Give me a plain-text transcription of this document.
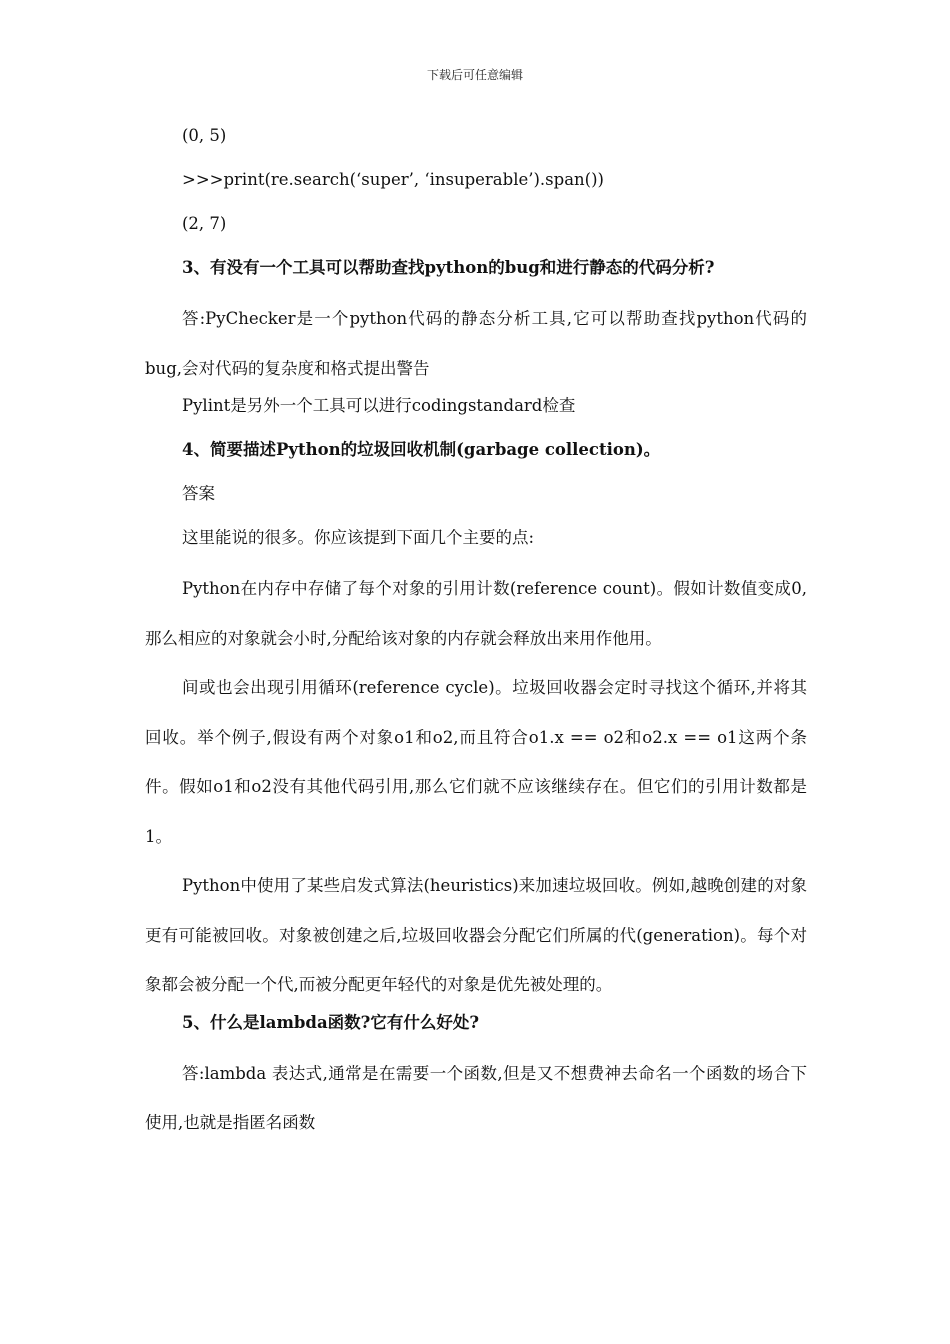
下载后可任意编辑
(0, 5)
>>>print(re.search(‘super’, ‘insuperable’).span())
(2, 7)
3、有没有一个工具可以帮助查找python的bug和进行静态的代码分析?
答:PyChecker是一个python代码的静态分析工具,它可以帮助查找python代码的bug,会对代码的复杂度和格式提出警告
Pylint是另外一个工具可以进行codingstandard检查
4、简要描述Python的垃圾回收机制(garbage collection)。
答案
这里能说的很多。你应该提到下面几个主要的点:
Python在内存中存储了每个对象的引用计数(reference count)。假如计数值变成0,那么相应的对象就会小时,分配给该对象的内存就会释放出来用作他用。
间或也会出现引用循环(reference cycle)。垃圾回收器会定时寻找这个循环,并将其回收。举个例子,假设有两个对象o1和o2,而且符合o1.x == o2和o2.x == o1这两个条件。假如o1和o2没有其他代码引用,那么它们就不应该继续存在。但它们的引用计数都是1。
Python中使用了某些启发式算法(heuristics)来加速垃圾回收。例如,越晚创建的对象更有可能被回收。对象被创建之后,垃圾回收器会分配它们所属的代(generation)。每个对象都会被分配一个代,而被分配更年轻代的对象是优先被处理的。
5、什么是lambda函数?它有什么好处?
答:lambda 表达式,通常是在需要一个函数,但是又不想费神去命名一个函数的场合下使用,也就是指匿名函数
